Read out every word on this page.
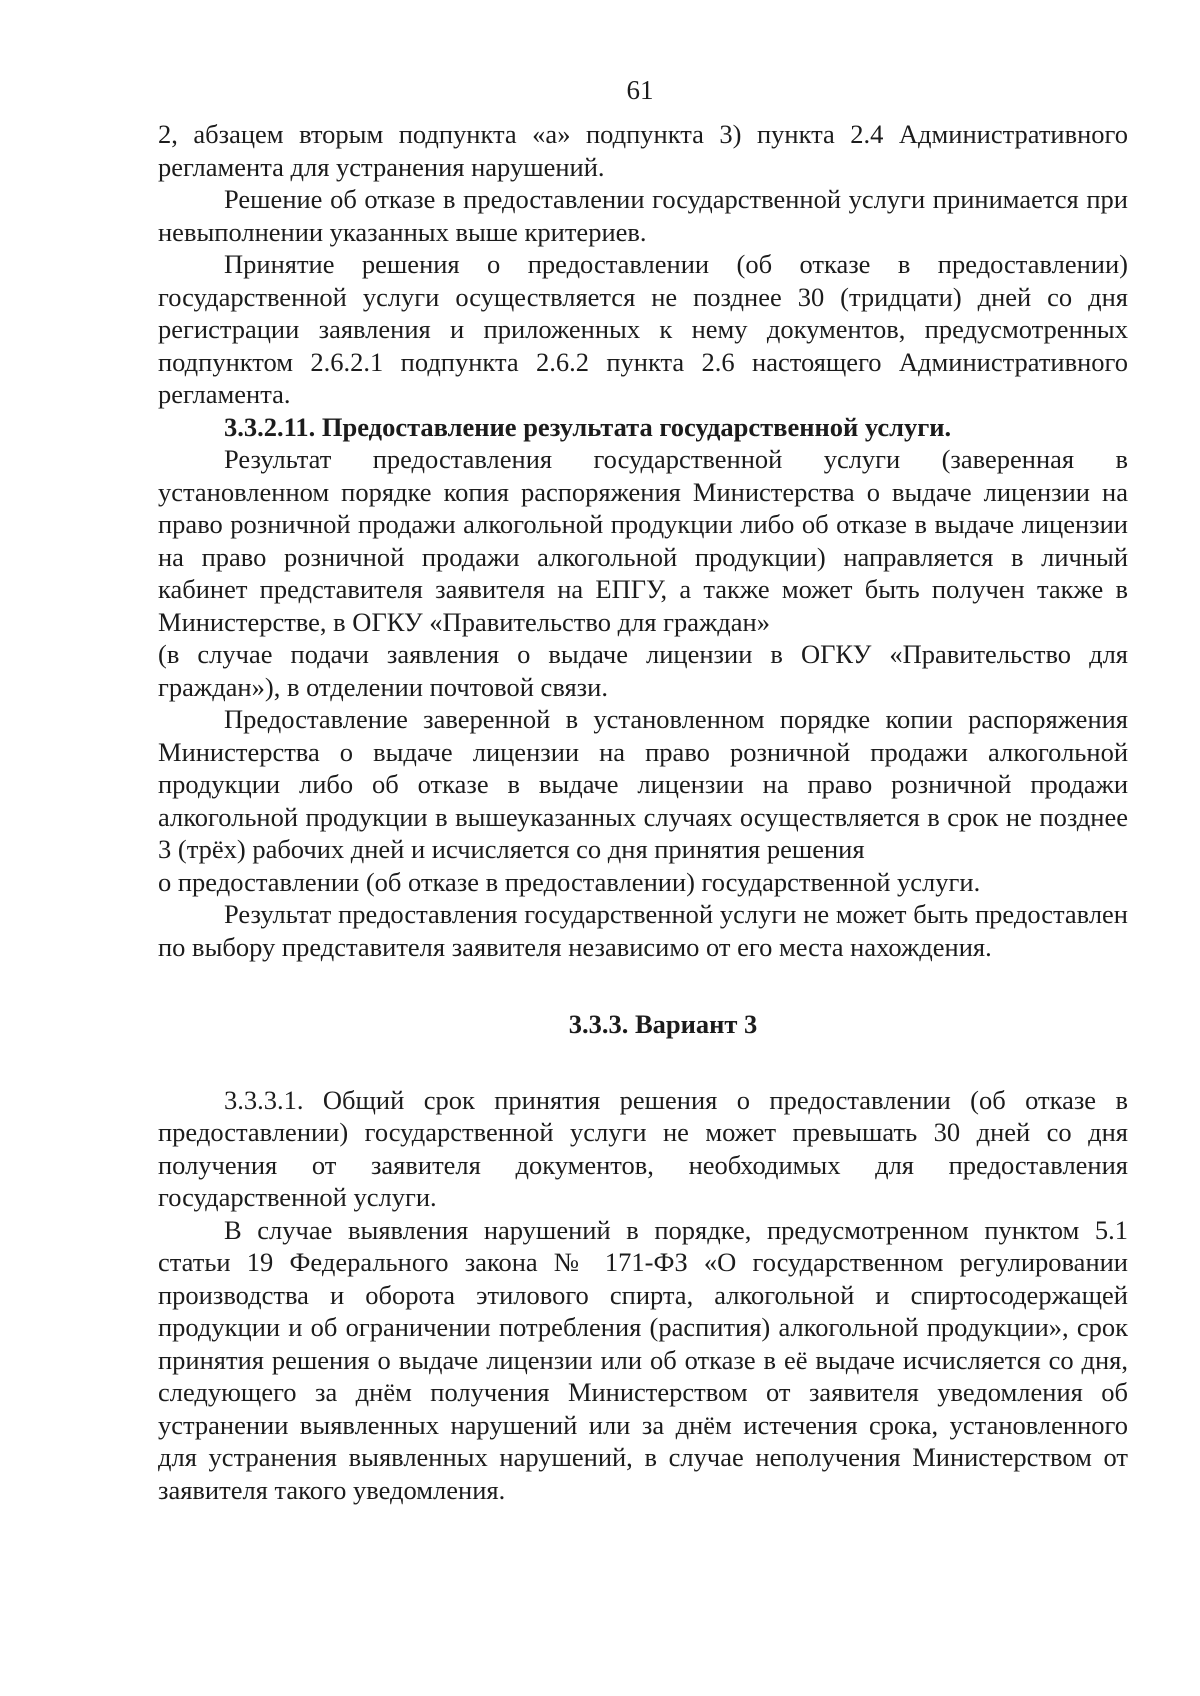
61

2, абзацем вторым подпункта «а» подпункта 3) пункта 2.4 Административного регламента для устранения нарушений.

Решение об отказе в предоставлении государственной услуги принимается при невыполнении указанных выше критериев.

Принятие решения о предоставлении (об отказе в предоставлении) государственной услуги осуществляется не позднее 30 (тридцати) дней со дня регистрации заявления и приложенных к нему документов, предусмотренных подпунктом 2.6.2.1 подпункта 2.6.2 пункта 2.6 настоящего Административного регламента.

3.3.2.11. Предоставление результата государственной услуги.

Результат предоставления государственной услуги (заверенная в установленном порядке копия распоряжения Министерства о выдаче лицензии на право розничной продажи алкогольной продукции либо об отказе в выдаче лицензии на право розничной продажи алкогольной продукции) направляется в личный кабинет представителя заявителя на ЕПГУ, а также может быть получен также в Министерстве, в ОГКУ «Правительство для граждан»

(в случае подачи заявления о выдаче лицензии в ОГКУ «Правительство для граждан»), в отделении почтовой связи.

Предоставление заверенной в установленном порядке копии распоряжения Министерства о выдаче лицензии на право розничной продажи алкогольной продукции либо об отказе в выдаче лицензии на право розничной продажи алкогольной продукции в вышеуказанных случаях осуществляется в срок не позднее 3 (трёх) рабочих дней и исчисляется со дня принятия решения

о предоставлении (об отказе в предоставлении) государственной услуги.

Результат предоставления государственной услуги не может быть предоставлен по выбору представителя заявителя независимо от его места нахождения.

3.3.3. Вариант 3

3.3.3.1. Общий срок принятия решения о предоставлении (об отказе в предоставлении) государственной услуги не может превышать 30 дней со дня получения от заявителя документов, необходимых для предоставления государственной услуги.

В случае выявления нарушений в порядке, предусмотренном пунктом 5.1 статьи 19 Федерального закона № 171-ФЗ «О государственном регулировании производства и оборота этилового спирта, алкогольной и спиртосодержащей продукции и об ограничении потребления (распития) алкогольной продукции», срок принятия решения о выдаче лицензии или об отказе в её выдаче исчисляется со дня, следующего за днём получения Министерством от заявителя уведомления об устранении выявленных нарушений или за днём истечения срока, установленного для устранения выявленных нарушений, в случае неполучения Министерством от заявителя такого уведомления.
